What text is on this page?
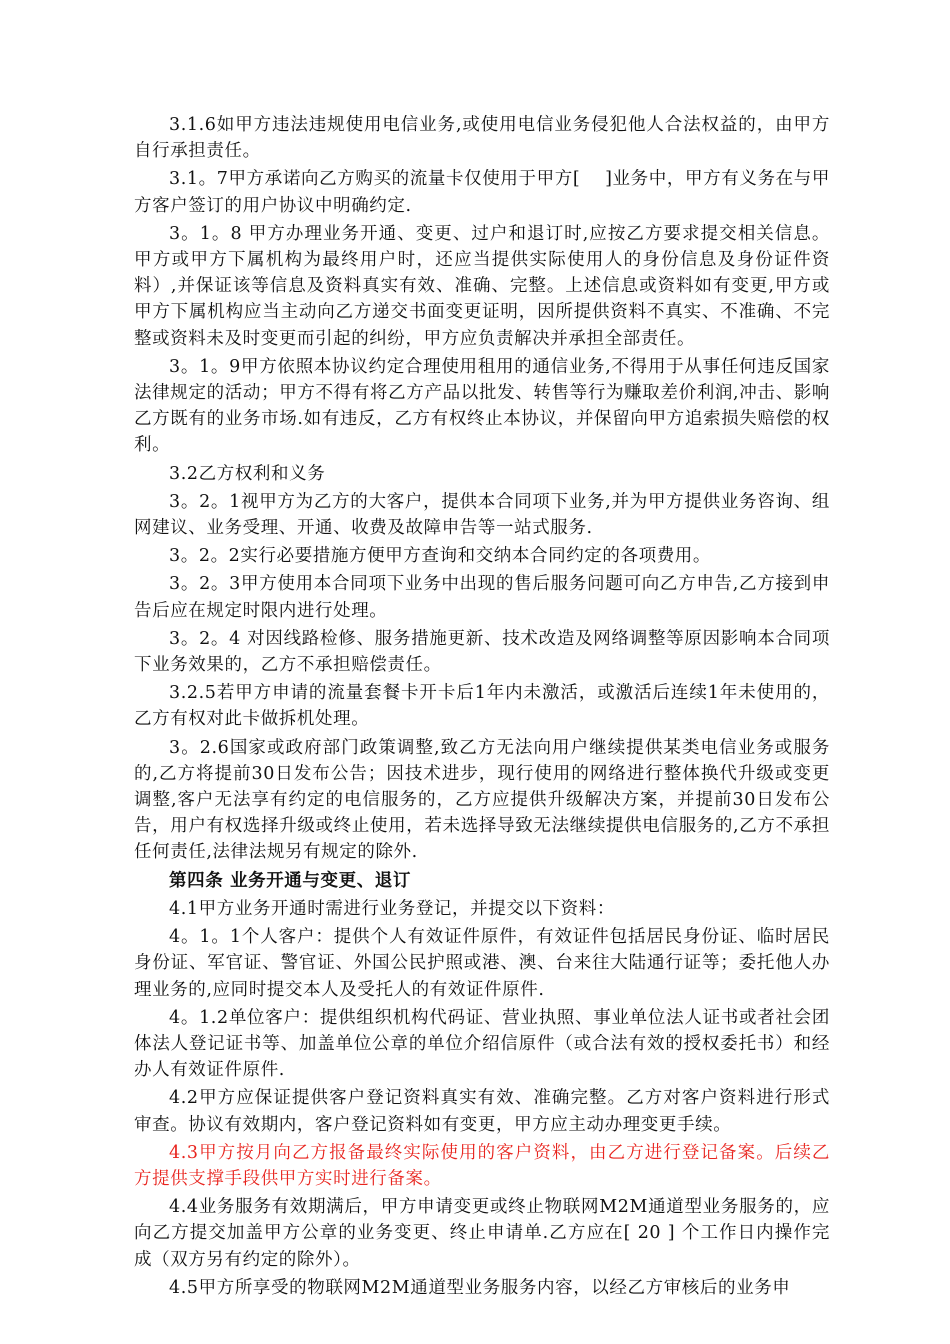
3.1.6如甲方违法违规使用电信业务,或使用电信业务侵犯他人合法权益的，由甲方自行承担责任。

3.1。7甲方承诺向乙方购买的流量卡仅使用于甲方[    ]业务中，甲方有义务在与甲方客户签订的用户协议中明确约定.

3。1。8 甲方办理业务开通、变更、过户和退订时,应按乙方要求提交相关信息。甲方或甲方下属机构为最终用户时，还应当提供实际使用人的身份信息及身份证件资料）,并保证该等信息及资料真实有效、准确、完整。上述信息或资料如有变更,甲方或甲方下属机构应当主动向乙方递交书面变更证明，因所提供资料不真实、不准确、不完整或资料未及时变更而引起的纠纷，甲方应负责解决并承担全部责任。

3。1。9甲方依照本协议约定合理使用租用的通信业务,不得用于从事任何违反国家法律规定的活动；甲方不得有将乙方产品以批发、转售等行为赚取差价利润,冲击、影响乙方既有的业务市场.如有违反，乙方有权终止本协议，并保留向甲方追索损失赔偿的权利。

3.2乙方权利和义务

3。2。1视甲方为乙方的大客户，提供本合同项下业务,并为甲方提供业务咨询、组网建议、业务受理、开通、收费及故障申告等一站式服务.

3。2。2实行必要措施方便甲方查询和交纳本合同约定的各项费用。

3。2。3甲方使用本合同项下业务中出现的售后服务问题可向乙方申告,乙方接到申告后应在规定时限内进行处理。

3。2。4 对因线路检修、服务措施更新、技术改造及网络调整等原因影响本合同项下业务效果的，乙方不承担赔偿责任。

3.2.5若甲方申请的流量套餐卡开卡后1年内未激活，或激活后连续1年未使用的，乙方有权对此卡做拆机处理。

3。2.6国家或政府部门政策调整,致乙方无法向用户继续提供某类电信业务或服务的,乙方将提前30日发布公告；因技术进步，现行使用的网络进行整体换代升级或变更调整,客户无法享有约定的电信服务的，乙方应提供升级解决方案，并提前30日发布公告，用户有权选择升级或终止使用，若未选择导致无法继续提供电信服务的,乙方不承担任何责任,法律法规另有规定的除外.

第四条 业务开通与变更、退订

4.1甲方业务开通时需进行业务登记，并提交以下资料：

4。1。1个人客户：提供个人有效证件原件，有效证件包括居民身份证、临时居民身份证、军官证、警官证、外国公民护照或港、澳、台来往大陆通行证等；委托他人办理业务的,应同时提交本人及受托人的有效证件原件.

4。1.2单位客户：提供组织机构代码证、营业执照、事业单位法人证书或者社会团体法人登记证书等、加盖单位公章的单位介绍信原件（或合法有效的授权委托书）和经办人有效证件原件.

4.2甲方应保证提供客户登记资料真实有效、准确完整。乙方对客户资料进行形式审查。协议有效期内，客户登记资料如有变更，甲方应主动办理变更手续。

4.3甲方按月向乙方报备最终实际使用的客户资料，由乙方进行登记备案。后续乙方提供支撑手段供甲方实时进行备案。

4.4业务服务有效期满后，甲方申请变更或终止物联网M2M通道型业务服务的，应向乙方提交加盖甲方公章的业务变更、终止申请单.乙方应在[ 20 ] 个工作日内操作完成（双方另有约定的除外）。

4.5甲方所享受的物联网M2M通道型业务服务内容，以经乙方审核后的业务申
